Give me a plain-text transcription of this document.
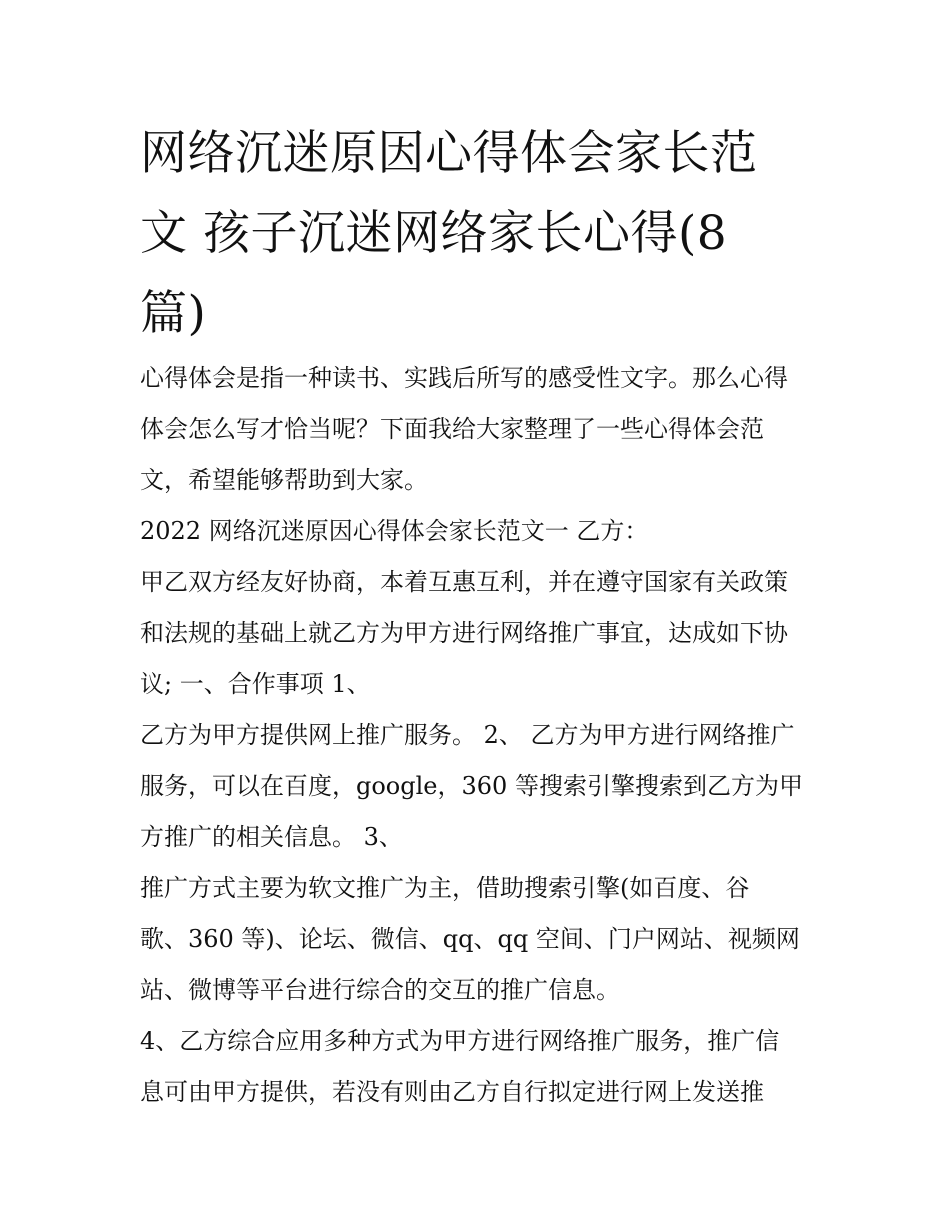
网络沉迷原因心得体会家长范
文 孩子沉迷网络家长心得(8
篇)
心得体会是指一种读书、实践后所写的感受性文字。那么心得
体会怎么写才恰当呢？下面我给大家整理了一些心得体会范
文，希望能够帮助到大家。
2022 网络沉迷原因心得体会家长范文一 乙方：
甲乙双方经友好协商，本着互惠互利，并在遵守国家有关政策
和法规的基础上就乙方为甲方进行网络推广事宜，达成如下协
议; 一、合作事项 1、
乙方为甲方提供网上推广服务。 2、 乙方为甲方进行网络推广
服务，可以在百度，google，360 等搜索引擎搜索到乙方为甲
方推广的相关信息。 3、
推广方式主要为软文推广为主，借助搜索引擎(如百度、谷
歌、360 等)、论坛、微信、qq、qq 空间、门户网站、视频网
站、微博等平台进行综合的交互的推广信息。
4、乙方综合应用多种方式为甲方进行网络推广服务，推广信
息可由甲方提供，若没有则由乙方自行拟定进行网上发送推
